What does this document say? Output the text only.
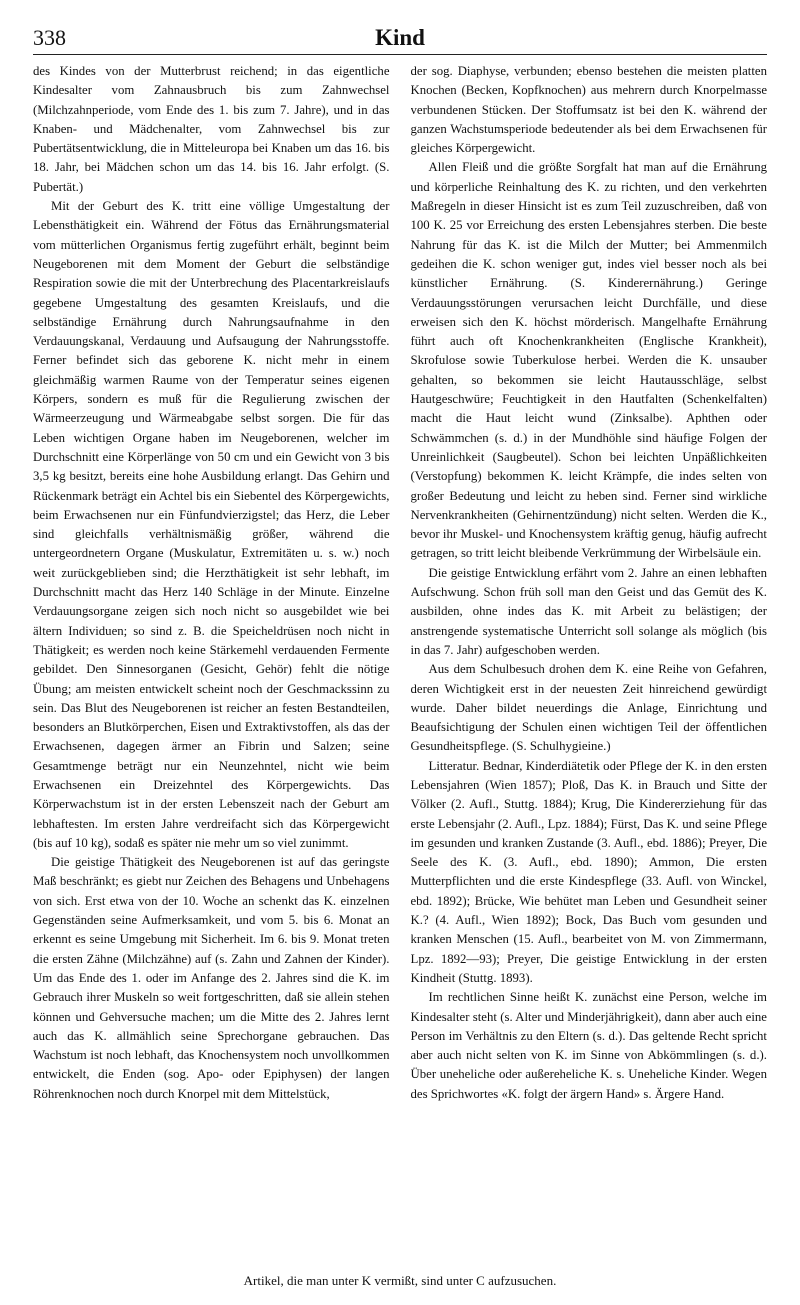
338	Kind

des Kindes von der Mutterbrust reichend; in das eigentliche Kindesalter vom Zahnausbruch bis zum Zahnwechsel (Milchzahnperiode, vom Ende des 1. bis zum 7. Jahre), und in das Knaben- und Mädchenalter, vom Zahnwechsel bis zur Pubertätsentwicklung, die in Mitteleuropa bei Knaben um das 16. bis 18. Jahr, bei Mädchen schon um das 14. bis 16. Jahr erfolgt. (S. Pubertät.)

Mit der Geburt des K. tritt eine völlige Umgestaltung der Lebensthätigkeit ein. Während der Fötus das Ernährungsmaterial vom mütterlichen Organismus fertig zugeführt erhält, beginnt beim Neugeborenen mit dem Moment der Geburt die selbständige Respiration sowie die mit der Unterbrechung des Placentarkreislaufs gegebene Umgestaltung des gesamten Kreislaufs, und die selbständige Ernährung durch Nahrungsaufnahme in den Verdauungskanal, Verdauung und Aufsaugung der Nahrungsstoffe. Ferner befindet sich das geborene K. nicht mehr in einem gleichmäßig warmen Raume von der Temperatur seines eigenen Körpers, sondern es muß für die Regulierung zwischen der Wärmeerzeugung und Wärmeabgabe selbst sorgen. Die für das Leben wichtigen Organe haben im Neugeborenen, welcher im Durchschnitt eine Körperlänge von 50 cm und ein Gewicht von 3 bis 3,5 kg besitzt, bereits eine hohe Ausbildung erlangt. Das Gehirn und Rückenmark beträgt ein Achtel bis ein Siebentel des Körpergewichts, beim Erwachsenen nur ein Fünfundvierzigstel; das Herz, die Leber sind gleichfalls verhältnismäßig größer, während die untergeordnetern Organe (Muskulatur, Extremitäten u. s. w.) noch weit zurückgeblieben sind; die Herzthätigkeit ist sehr lebhaft, im Durchschnitt macht das Herz 140 Schläge in der Minute. Einzelne Verdauungsorgane zeigen sich noch nicht so ausgebildet wie bei ältern Individuen; so sind z. B. die Speicheldrüsen noch nicht in Thätigkeit; es werden noch keine Stärkemehl verdauenden Fermente gebildet. Den Sinnesorganen (Gesicht, Gehör) fehlt die nötige Übung; am meisten entwickelt scheint noch der Geschmackssinn zu sein. Das Blut des Neugeborenen ist reicher an festen Bestandteilen, besonders an Blutkörperchen, Eisen und Extraktivstoffen, als das der Erwachsenen, dagegen ärmer an Fibrin und Salzen; seine Gesamtmenge beträgt nur ein Neunzehntel, nicht wie beim Erwachsenen ein Dreizehntel des Körpergewichts. Das Körperwachstum ist in der ersten Lebenszeit nach der Geburt am lebhaftesten. Im ersten Jahre verdreifacht sich das Körpergewicht (bis auf 10 kg), sodaß es später nie mehr um so viel zunimmt.

Die geistige Thätigkeit des Neugeborenen ist auf das geringste Maß beschränkt; es giebt nur Zeichen des Behagens und Unbehagens von sich. Erst etwa von der 10. Woche an schenkt das K. einzelnen Gegenständen seine Aufmerksamkeit, und vom 5. bis 6. Monat an erkennt es seine Umgebung mit Sicherheit. Im 6. bis 9. Monat treten die ersten Zähne (Milchzähne) auf (s. Zahn und Zahnen der Kinder). Um das Ende des 1. oder im Anfange des 2. Jahres sind die K. im Gebrauch ihrer Muskeln so weit fortgeschritten, daß sie allein stehen können und Gehversuche machen; um die Mitte des 2. Jahres lernt auch das K. allmählich seine Sprechorgane gebrauchen. Das Wachstum ist noch lebhaft, das Knochensystem noch unvollkommen entwickelt, die Enden (sog. Apo- oder Epiphysen) der langen Röhrenknochen noch durch Knorpel mit dem Mittelstück,

der sog. Diaphyse, verbunden; ebenso bestehen die meisten platten Knochen (Becken, Kopfknochen) aus mehrern durch Knorpelmasse verbundenen Stücken. Der Stoffumsatz ist bei den K. während der ganzen Wachstumsperiode bedeutender als bei dem Erwachsenen für gleiches Körpergewicht.

Allen Fleiß und die größte Sorgfalt hat man auf die Ernährung und körperliche Reinhaltung des K. zu richten, und den verkehrten Maßregeln in dieser Hinsicht ist es zum Teil zuzuschreiben, daß von 100 K. 25 vor Erreichung des ersten Lebensjahres sterben. Die beste Nahrung für das K. ist die Milch der Mutter; bei Ammenmilch gedeihen die K. schon weniger gut, indes viel besser noch als bei künstlicher Ernährung. (S. Kinderernährung.) Geringe Verdauungsstörungen verursachen leicht Durchfälle, und diese erweisen sich den K. höchst mörderisch. Mangelhafte Ernährung führt auch oft Knochenkrankheiten (Englische Krankheit), Skrofulose sowie Tuberkulose herbei. Werden die K. unsauber gehalten, so bekommen sie leicht Hautausschläge, selbst Hautgeschwüre; Feuchtigkeit in den Hautfalten (Schenkelfalten) macht die Haut leicht wund (Zinksalbe). Aphthen oder Schwämmchen (s. d.) in der Mundhöhle sind häufige Folgen der Unreinlichkeit (Saugbeutel). Schon bei leichten Unpäßlichkeiten (Verstopfung) bekommen K. leicht Krämpfe, die indes selten von großer Bedeutung und leicht zu heben sind. Ferner sind wirkliche Nervenkrankheiten (Gehirnentzündung) nicht selten. Werden die K., bevor ihr Muskel- und Knochensystem kräftig genug, häufig aufrecht getragen, so tritt leicht bleibende Verkrümmung der Wirbelsäule ein.

Die geistige Entwicklung erfährt vom 2. Jahre an einen lebhaften Aufschwung. Schon früh soll man den Geist und das Gemüt des K. ausbilden, ohne indes das K. mit Arbeit zu belästigen; der anstrengende systematische Unterricht soll solange als möglich (bis in das 7. Jahr) aufgeschoben werden.

Aus dem Schulbesuch drohen dem K. eine Reihe von Gefahren, deren Wichtigkeit erst in der neuesten Zeit hinreichend gewürdigt wurde. Daher bildet neuerdings die Anlage, Einrichtung und Beaufsichtigung der Schulen einen wichtigen Teil der öffentlichen Gesundheitspflege. (S. Schulhygieine.)

Litteratur. Bednar, Kinderdiätetik oder Pflege der K. in den ersten Lebensjahren (Wien 1857); Ploß, Das K. in Brauch und Sitte der Völker (2. Aufl., Stuttg. 1884); Krug, Die Kindererziehung für das erste Lebensjahr (2. Aufl., Lpz. 1884); Fürst, Das K. und seine Pflege im gesunden und kranken Zustande (3. Aufl., ebd. 1886); Preyer, Die Seele des K. (3. Aufl., ebd. 1890); Ammon, Die ersten Mutterpflichten und die erste Kindespflege (33. Aufl. von Winckel, ebd. 1892); Brücke, Wie behütet man Leben und Gesundheit seiner K.? (4. Aufl., Wien 1892); Bock, Das Buch vom gesunden und kranken Menschen (15. Aufl., bearbeitet von M. von Zimmermann, Lpz. 1892—93); Preyer, Die geistige Entwicklung in der ersten Kindheit (Stuttg. 1893).

Im rechtlichen Sinne heißt K. zunächst eine Person, welche im Kindesalter steht (s. Alter und Minderjährigkeit), dann aber auch eine Person im Verhältnis zu den Eltern (s. d.). Das geltende Recht spricht aber auch nicht selten von K. im Sinne von Abkömmlingen (s. d.). Über uneheliche oder außereheliche K. s. Uneheliche Kinder. Wegen des Sprichwortes «K. folgt der ärgern Hand» s. Ärgere Hand.

Artikel, die man unter K vermißt, sind unter C aufzusuchen.
